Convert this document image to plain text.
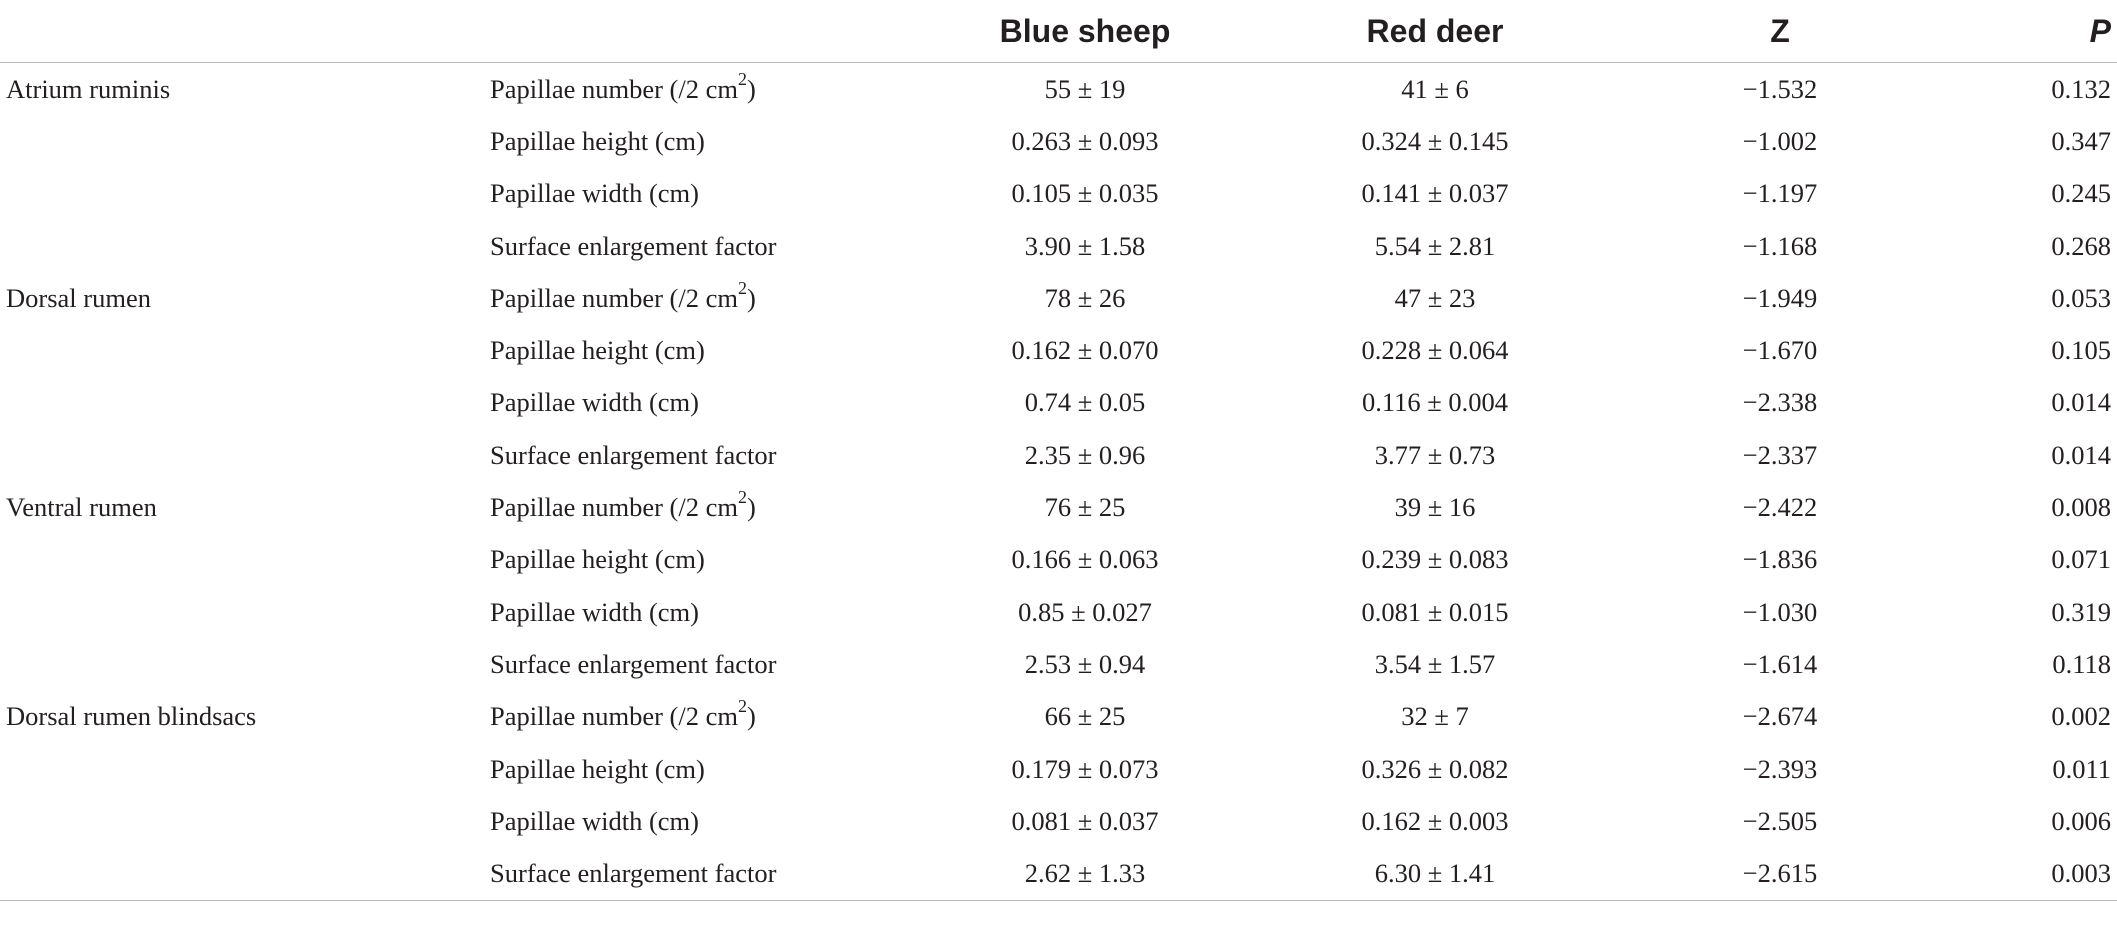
		Blue sheep	Red deer	Z	P
Atrium ruminis	Papillae number (/2 $cm^2$)	55 ± 19	41 ± 6	−1.532	0.132
	Papillae height (cm)	0.263 ± 0.093	0.324 ± 0.145	−1.002	0.347
	Papillae width (cm)	0.105 ± 0.035	0.141 ± 0.037	−1.197	0.245
	Surface enlargement factor	3.90 ± 1.58	5.54 ± 2.81	−1.168	0.268
Dorsal rumen	Papillae number (/2 $cm^2$)	78 ± 26	47 ± 23	−1.949	0.053
	Papillae height (cm)	0.162 ± 0.070	0.228 ± 0.064	−1.670	0.105
	Papillae width (cm)	0.74 ± 0.05	0.116 ± 0.004	−2.338	0.014
	Surface enlargement factor	2.35 ± 0.96	3.77 ± 0.73	−2.337	0.014
Ventral rumen	Papillae number (/2 $cm^2$)	76 ± 25	39 ± 16	−2.422	0.008
	Papillae height (cm)	0.166 ± 0.063	0.239 ± 0.083	−1.836	0.071
	Papillae width (cm)	0.85 ± 0.027	0.081 ± 0.015	−1.030	0.319
	Surface enlargement factor	2.53 ± 0.94	3.54 ± 1.57	−1.614	0.118
Dorsal rumen blindsacs	Papillae number (/2 $cm^2$)	66 ± 25	32 ± 7	−2.674	0.002
	Papillae height (cm)	0.179 ± 0.073	0.326 ± 0.082	−2.393	0.011
	Papillae width (cm)	0.081 ± 0.037	0.162 ± 0.003	−2.505	0.006
	Surface enlargement factor	2.62 ± 1.33	6.30 ± 1.41	−2.615	0.003
